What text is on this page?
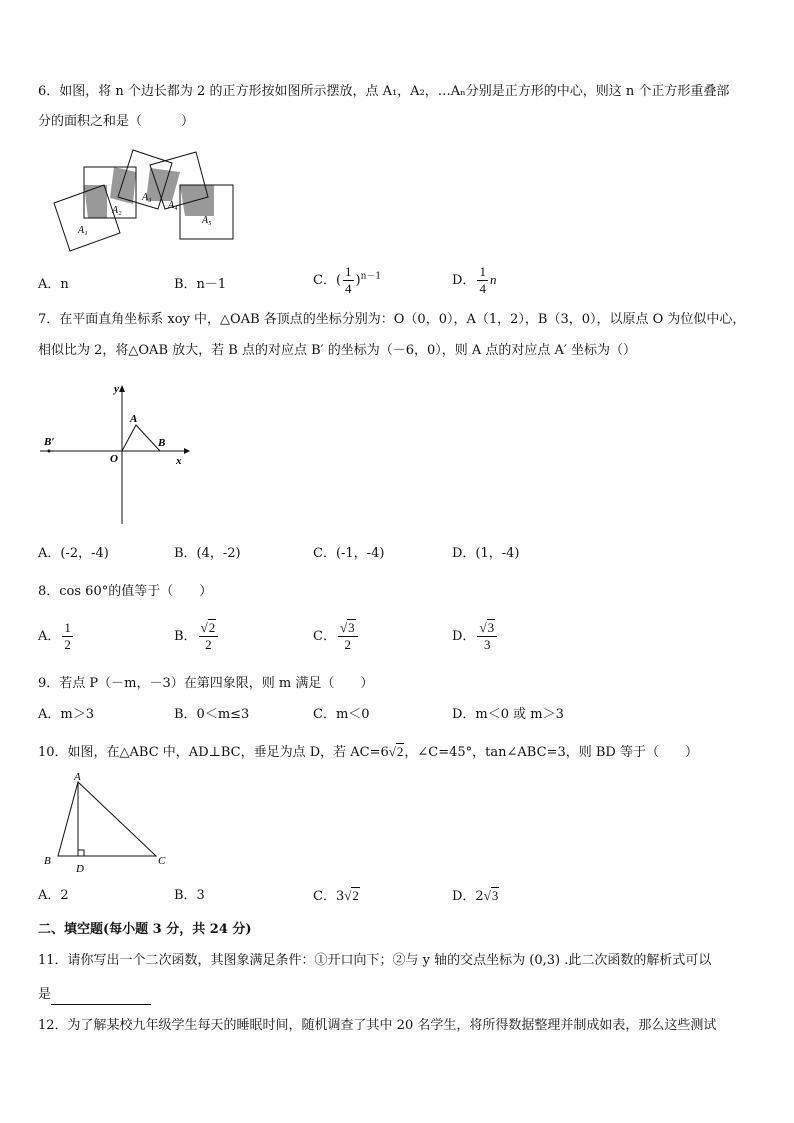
6．如图，将 n 个边长都为 2 的正方形按如图所示摆放，点 A₁，A₂，…Aₙ分别是正方形的中心，则这 n 个正方形重叠部
分的面积之和是（　　　）
A₁
A₂
A₃
A₄
A₅
A．n	B．n－1	C．( $\frac{1}{4} )^{n-1}$	D． $\frac{1}{4}$ n
7．在平面直角坐标系 xoy 中，△OAB 各顶点的坐标分别为：O（0，0），A（1，2），B（3，0），以原点 O 为位似中心，
相似比为 2，将△OAB 放大，若 B 点的对应点 B′ 的坐标为（－6，0），则 A 点的对应点 A′ 坐标为（）
y
x
O
A
B
B′
A．(-2，-4)	B．(4，-2)	C．(-1，-4)	D．(1，-4)
8．cos 60°的值等于（　　）
A． $\frac{1}{2}$	B． $\frac{√2}{2}$	C． $\frac{√3}{2}$	D． $\frac{√3}{3}$
9．若点 P（－m，－3）在第四象限，则 m 满足（　　）
A．m＞3	B．0＜m≤3	C．m＜0	D．m＜0 或 m＞3
10．如图，在△ABC 中，AD⊥BC，垂足为点 D，若 AC=6√2，∠C=45°，tan∠ABC=3，则 BD 等于（　　）
A
B	C
D
A．2	B．3	C．3√2	D．2√3
二、填空题(每小题 3 分，共 24 分)
11．请你写出一个二次函数，其图象满足条件：①开口向下；②与 y 轴的交点坐标为 (0,3) .此二次函数的解析式可以
是
12．为了解某校九年级学生每天的睡眠时间，随机调查了其中 20 名学生，将所得数据整理并制成如表，那么这些测试
